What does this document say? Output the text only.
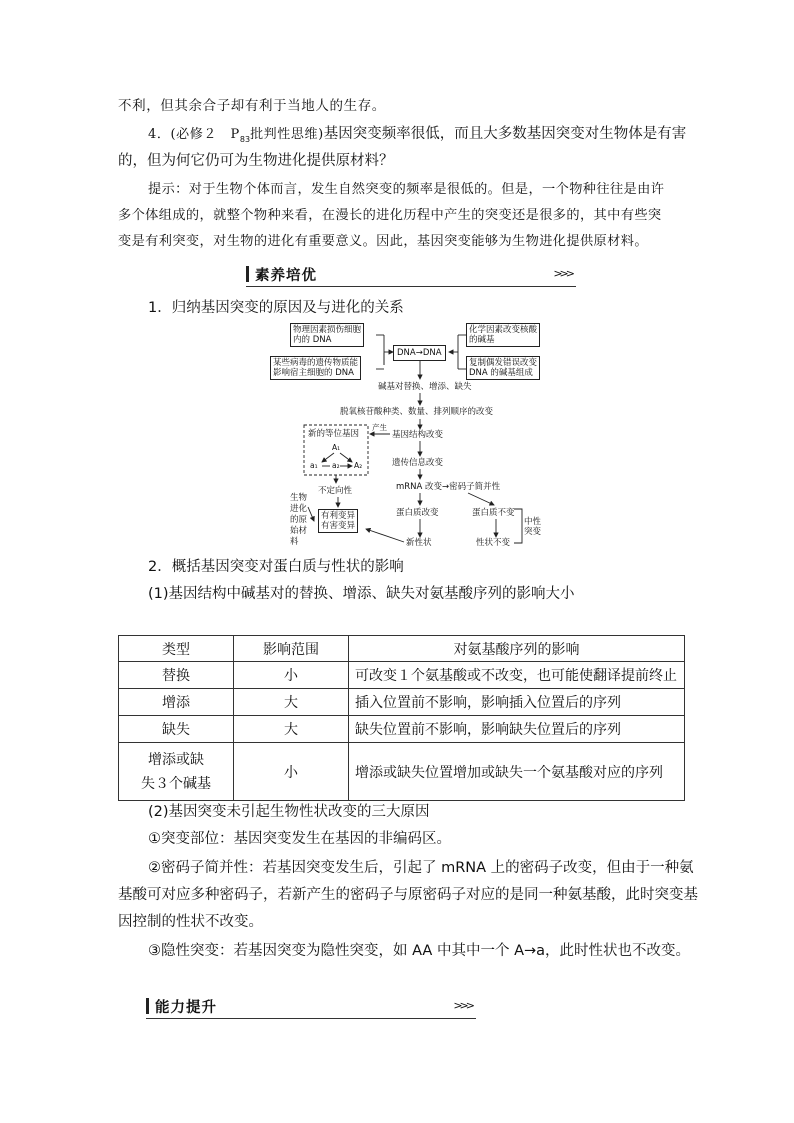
不利，但其余合子却有利于当地人的生存。
4．(必修２　$P_{83}$批判性思维)基因突变频率很低，而且大多数基因突变对生物体是有害
的，但为何它仍可为生物进化提供原材料？
提示：对于生物个体而言，发生自然突变的频率是很低的。但是，一个物种往往是由许
多个体组成的，就整个物种来看，在漫长的进化历程中产生的突变还是很多的，其中有些突
变是有利突变，对生物的进化有重要意义。因此，基因突变能够为生物进化提供原材料。
素养培优	>>>
1．归纳基因突变的原因及与进化的关系
物理因素损伤细胞
内的 DNA
某些病毒的遗传物质能
影响宿主细胞的 DNA
化学因素改变核酸
的碱基
复制偶发错误改变
DNA 的碱基组成
DNA→DNA
碱基对替换、增添、缺失
脱氧核苷酸种类、数量、排列顺序的改变
产生
基因结构改变
新的等位基因
A₁
a₁ a₂ A₂	遗传信息改变
不定向性	mRNA 改变→密码子简并性
蛋白质改变	蛋白质不变
新性状	性状不变
中性
突变
生物
进化
的原
始材
料
有利变异
有害变异
2．概括基因突变对蛋白质与性状的影响
(1)基因结构中碱基对的替换、增添、缺失对氨基酸序列的影响大小
类型	影响范围	对氨基酸序列的影响
替换	小	可改变１个氨基酸或不改变，也可能使翻译提前终止
增添	大	插入位置前不影响，影响插入位置后的序列
缺失	大	缺失位置前不影响，影响缺失位置后的序列

增添或缺
失３个碱基	小	增添或缺失位置增加或缺失一个氨基酸对应的序列
(2)基因突变未引起生物性状改变的三大原因
①突变部位：基因突变发生在基因的非编码区。
②密码子简并性：若基因突变发生后，引起了 mRNA 上的密码子改变，但由于一种氨
基酸可对应多种密码子，若新产生的密码子与原密码子对应的是同一种氨基酸，此时突变基
因控制的性状不改变。
③隐性突变：若基因突变为隐性突变，如 AA 中其中一个 A→a，此时性状也不改变。
能力提升	>>>
